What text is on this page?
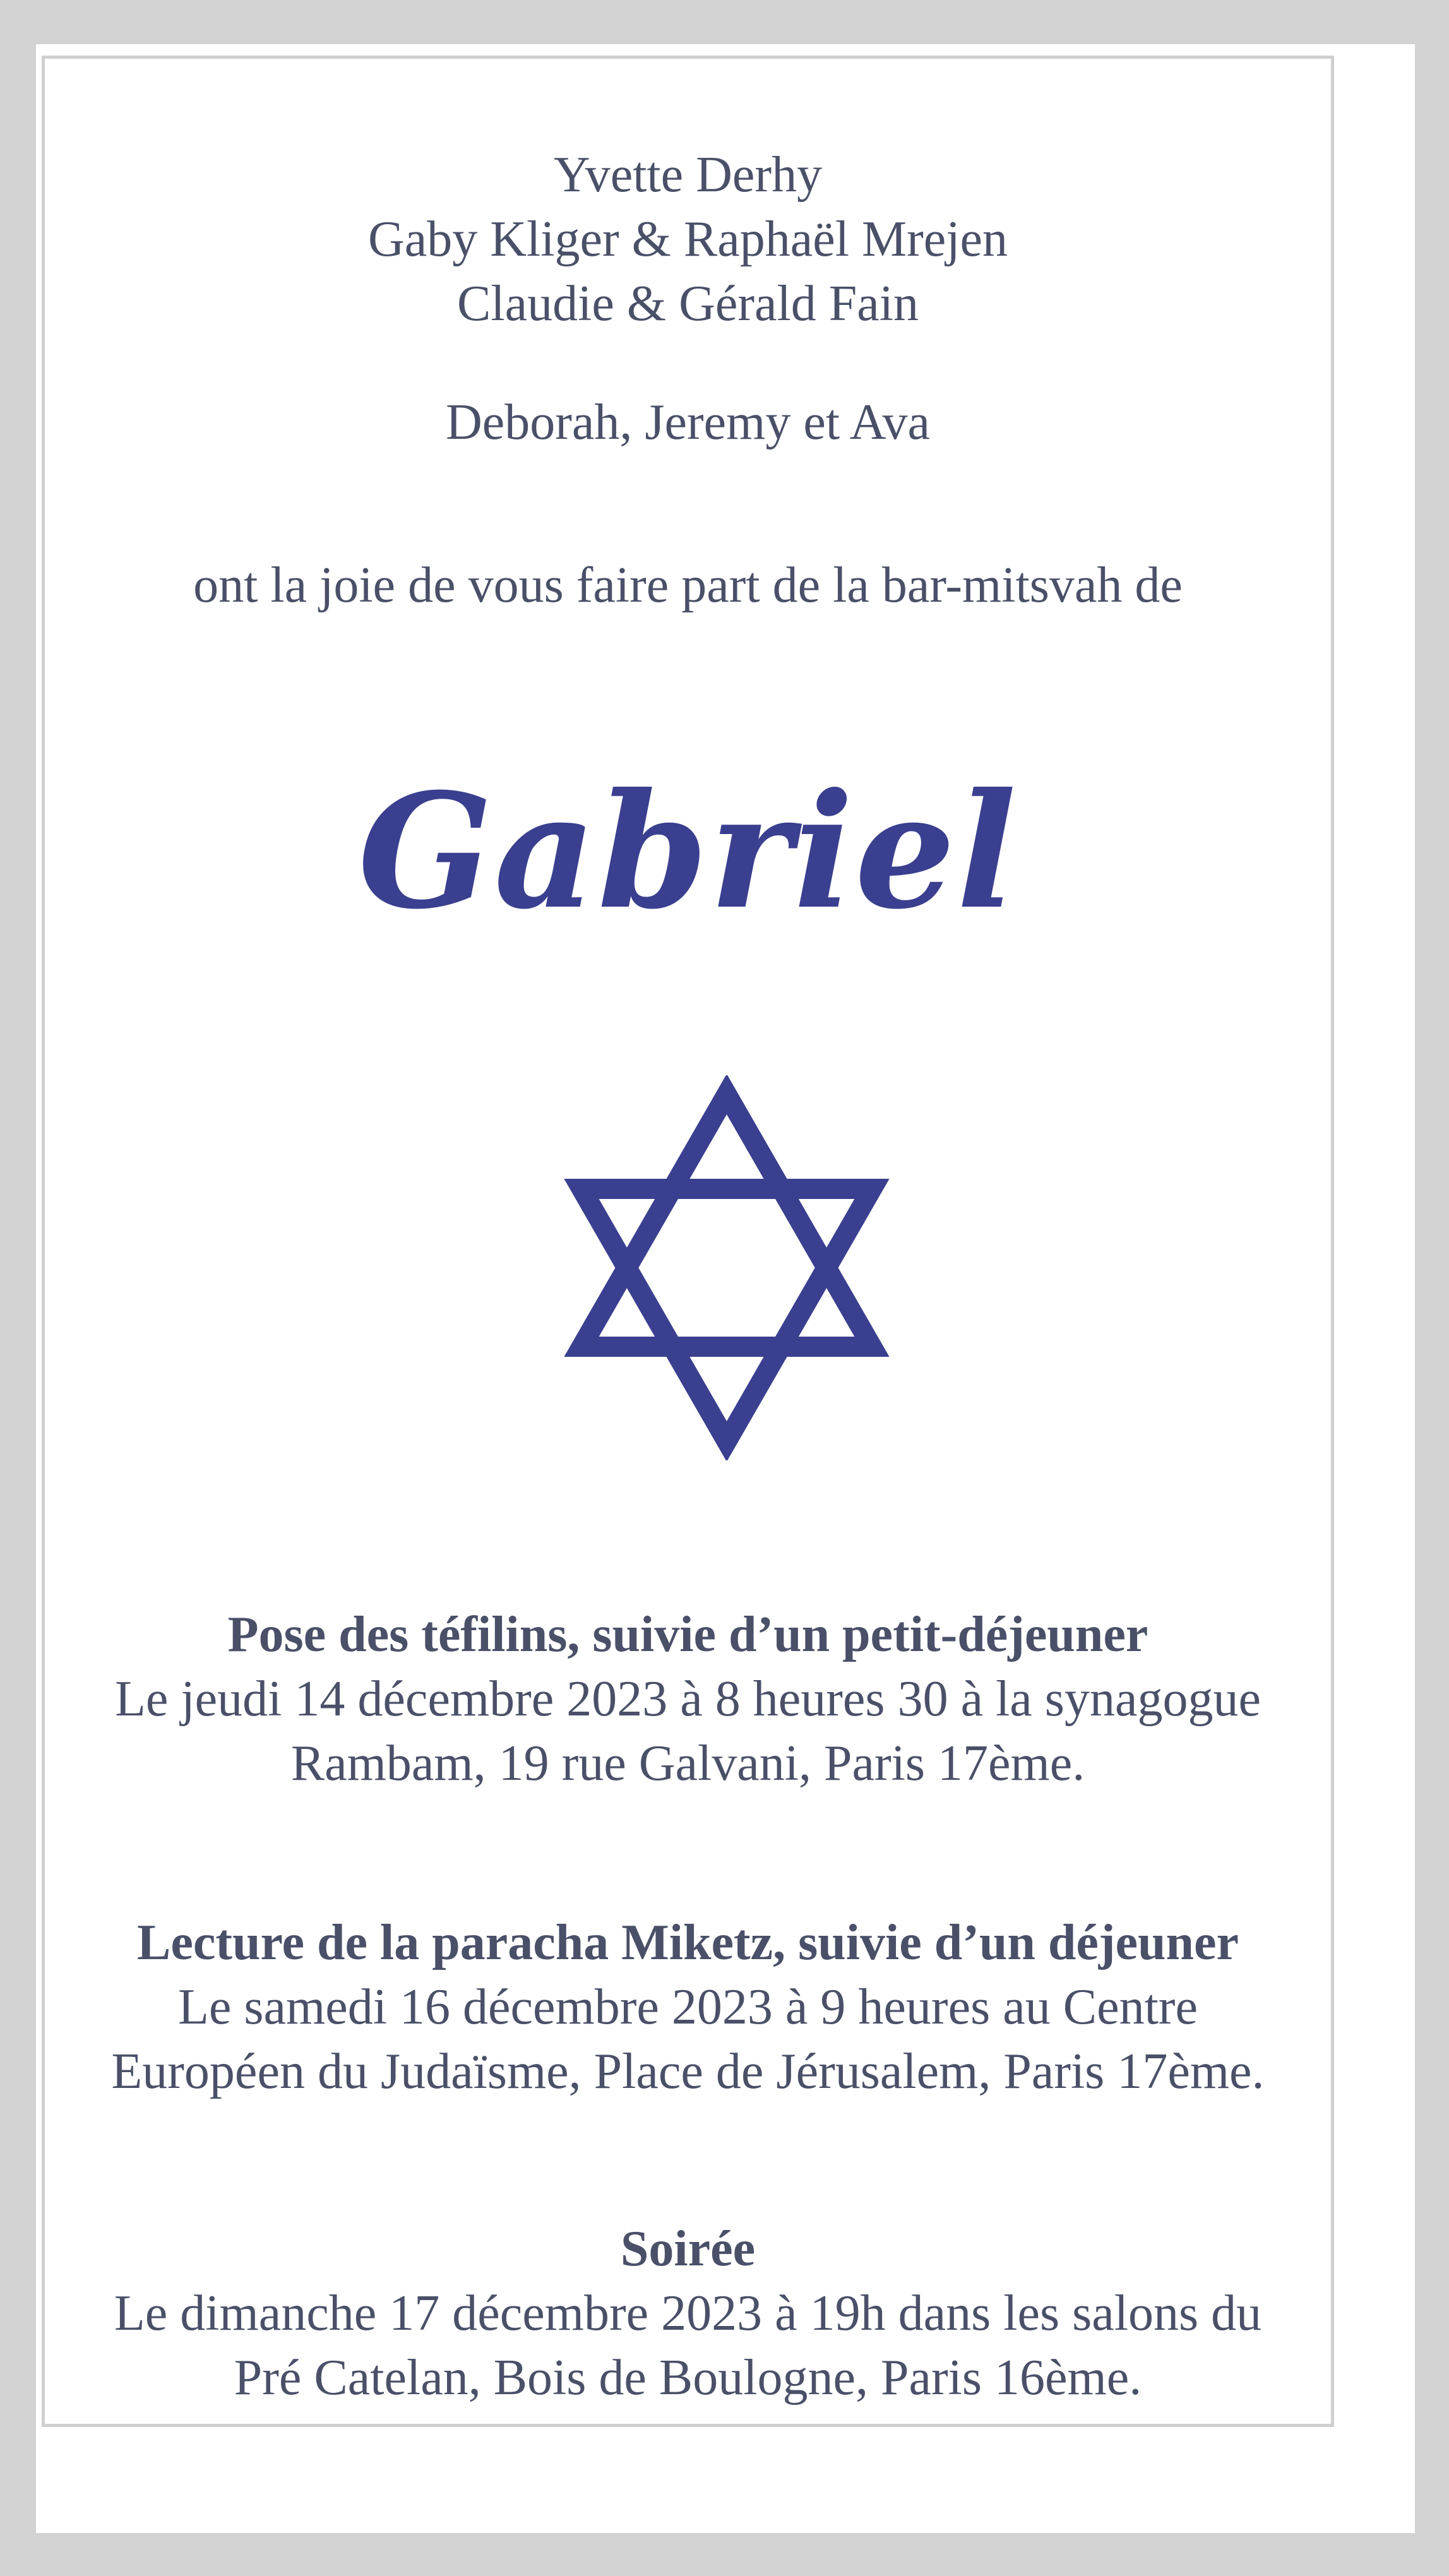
Yvette Derhy
Gaby Kliger & Raphaël Mrejen
Claudie & Gérald Fain
Deborah, Jeremy et Ava
ont la joie de vous faire part de la bar-mitsvah de
Gabriel
Pose des téfilins, suivie d’un petit-déjeuner
Le jeudi 14 décembre 2023 à 8 heures 30 à la synagogue
Rambam, 19 rue Galvani, Paris 17ème.
Lecture de la paracha Miketz, suivie d’un déjeuner
Le samedi 16 décembre 2023 à 9 heures au Centre
Européen du Judaïsme, Place de Jérusalem, Paris 17ème.
Soirée
Le dimanche 17 décembre 2023 à 19h dans les salons du
Pré Catelan, Bois de Boulogne, Paris 16ème.
